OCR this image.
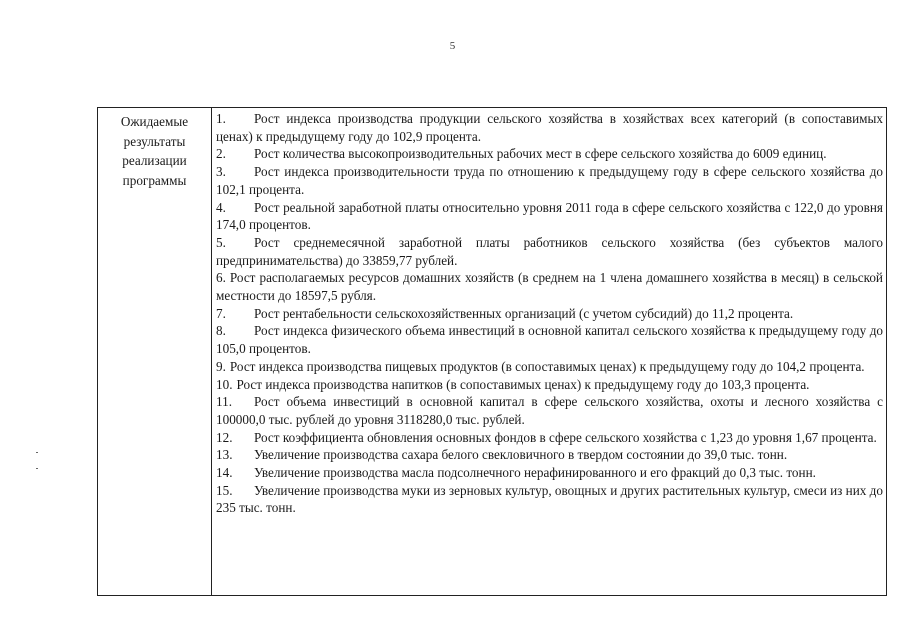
5
Ожидаемые
результаты
реализации
программы
1. Рост индекса производства продукции сельского хозяйства в хозяйствах всех категорий (в сопоставимых ценах) к предыдущему году до 102,9 процента.
2. Рост количества высокопроизводительных рабочих мест в сфере сельского хозяйства до 6009 единиц.
3. Рост индекса производительности труда по отношению к предыдущему году в сфере сельского хозяйства до 102,1 процента.
4. Рост реальной заработной платы относительно уровня 2011 года в сфере сельского хозяйства с 122,0 до уровня 174,0 процентов.
5. Рост среднемесячной заработной платы работников сельского хозяйства (без субъектов малого предпринимательства) до 33859,77 рублей.
6. Рост располагаемых ресурсов домашних хозяйств (в среднем на 1 члена домашнего хозяйства в месяц) в сельской местности до 18597,5 рубля.
7. Рост рентабельности сельскохозяйственных организаций (с учетом субсидий) до 11,2 процента.
8. Рост индекса физического объема инвестиций в основной капитал сельского хозяйства к предыдущему году до 105,0 процентов.
9. Рост индекса производства пищевых продуктов (в сопоставимых ценах) к предыдущему году до 104,2 процента.
10. Рост индекса производства напитков (в сопоставимых ценах) к предыдущему году до 103,3 процента.
11. Рост объема инвестиций в основной капитал в сфере сельского хозяйства, охоты и лесного хозяйства с 100000,0 тыс. рублей до уровня 3118280,0 тыс. рублей.
12. Рост коэффициента обновления основных фондов в сфере сельского хозяйства с 1,23 до уровня 1,67 процента.
13. Увеличение производства сахара белого свекловичного в твердом состоянии до 39,0 тыс. тонн.
14. Увеличение производства масла подсолнечного нерафинированного и его фракций до 0,3 тыс. тонн.
15. Увеличение производства муки из зерновых культур, овощных и других растительных культур, смеси из них до 235 тыс. тонн.
